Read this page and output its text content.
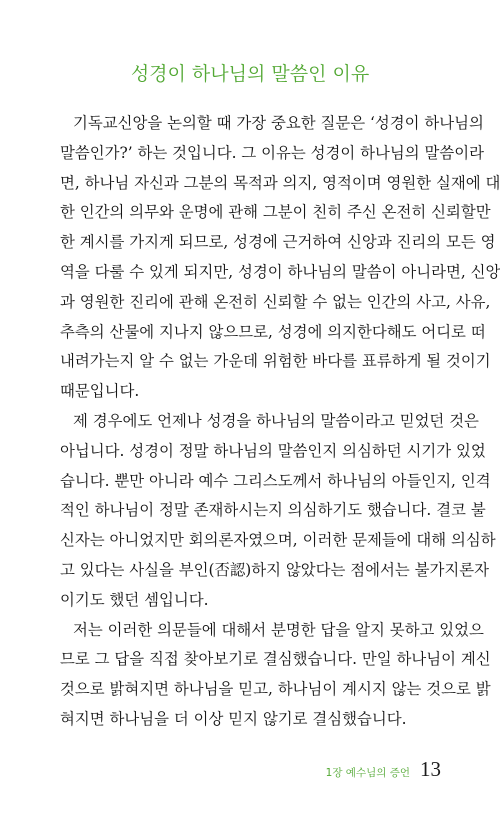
성경이 하나님의 말씀인 이유
기독교신앙을 논의할 때 가장 중요한 질문은 ‘성경이 하나님의
말씀인가?’ 하는 것입니다. 그 이유는 성경이 하나님의 말씀이라
면, 하나님 자신과 그분의 목적과 의지, 영적이며 영원한 실재에 대
한 인간의 의무와 운명에 관해 그분이 친히 주신 온전히 신뢰할만
한 계시를 가지게 되므로, 성경에 근거하여 신앙과 진리의 모든 영
역을 다룰 수 있게 되지만, 성경이 하나님의 말씀이 아니라면, 신앙
과 영원한 진리에 관해 온전히 신뢰할 수 없는 인간의 사고, 사유,
추측의 산물에 지나지 않으므로, 성경에 의지한다해도 어디로 떠
내려가는지 알 수 없는 가운데 위험한 바다를 표류하게 될 것이기
때문입니다.
제 경우에도 언제나 성경을 하나님의 말씀이라고 믿었던 것은
아닙니다. 성경이 정말 하나님의 말씀인지 의심하던 시기가 있었
습니다. 뿐만 아니라 예수 그리스도께서 하나님의 아들인지, 인격
적인 하나님이 정말 존재하시는지 의심하기도 했습니다. 결코 불
신자는 아니었지만 회의론자였으며, 이러한 문제들에 대해 의심하
고 있다는 사실을 부인(否認)하지 않았다는 점에서는 불가지론자
이기도 했던 셈입니다.
저는 이러한 의문들에 대해서 분명한 답을 알지 못하고 있었으
므로 그 답을 직접 찾아보기로 결심했습니다. 만일 하나님이 계신
것으로 밝혀지면 하나님을 믿고, 하나님이 계시지 않는 것으로 밝
혀지면 하나님을 더 이상 믿지 않기로 결심했습니다.
1장 예수님의 증언 13
